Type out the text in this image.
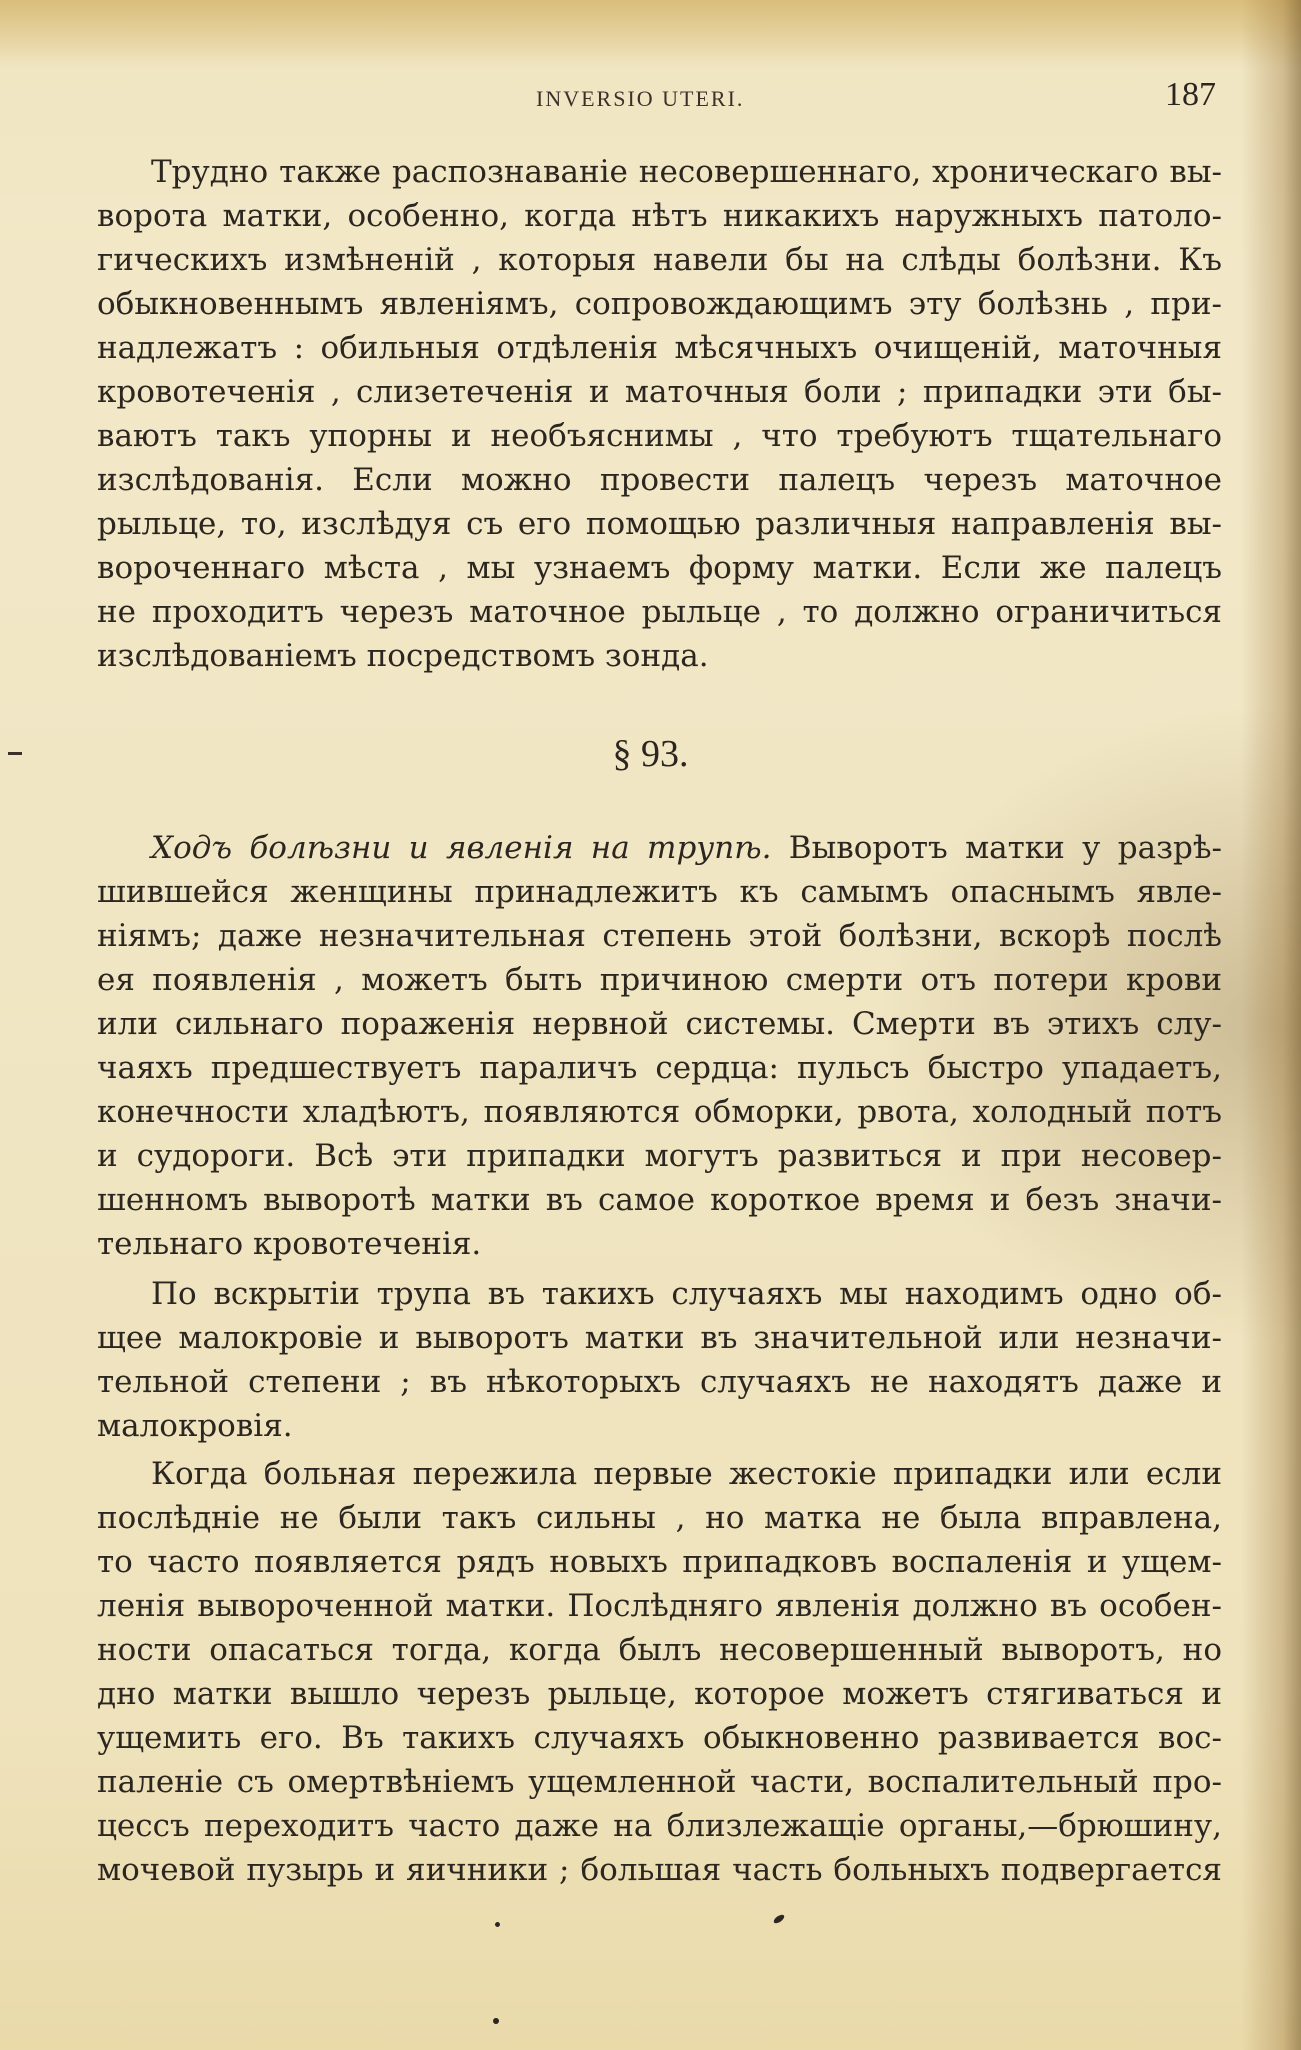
INVERSIO UTERI.	187
Трудно также распознаваніе несовершеннаго, хроническаго вы-
ворота матки, особенно, когда нѣтъ никакихъ наружныхъ патоло-
гическихъ измѣненій , которыя навели бы на слѣды болѣзни. Къ
обыкновеннымъ явленіямъ, сопровождающимъ эту болѣзнь , при-
надлежатъ : обильныя отдѣленія мѣсячныхъ очищеній, маточныя
кровотеченія , слизетеченія и маточныя боли ; припадки эти бы-
ваютъ такъ упорны и необъяснимы , что требуютъ тщательнаго
изслѣдованія. Если можно провести палецъ черезъ маточное
рыльце, то, изслѣдуя съ его помощью различныя направленія вы-
вороченнаго мѣста , мы узнаемъ форму матки. Если же палецъ
не проходитъ черезъ маточное рыльце , то должно ограничиться
изслѣдованіемъ посредствомъ зонда.
§ 93.
Ходъ болѣзни и явленія на трупѣ. Выворотъ матки у разрѣ-
шившейся женщины принадлежитъ къ самымъ опаснымъ явле-
ніямъ; даже незначительная степень этой болѣзни, вскорѣ послѣ
ея появленія , можетъ быть причиною смерти отъ потери крови
или сильнаго пораженія нервной системы. Смерти въ этихъ слу-
чаяхъ предшествуетъ параличъ сердца: пульсъ быстро упадаетъ,
конечности хладѣютъ, появляются обморки, рвота, холодный потъ
и судороги. Всѣ эти припадки могутъ развиться и при несовер-
шенномъ выворотѣ матки въ самое короткое время и безъ значи-
тельнаго кровотеченія.
По вскрытіи трупа въ такихъ случаяхъ мы находимъ одно об-
щее малокровіе и выворотъ матки въ значительной или незначи-
тельной степени ; въ нѣкоторыхъ случаяхъ не находятъ даже и
малокровія.
Когда больная пережила первые жестокіе припадки или если
послѣдніе не были такъ сильны , но матка не была вправлена,
то часто появляется рядъ новыхъ припадковъ воспаленія и ущем-
ленія вывороченной матки. Послѣдняго явленія должно въ особен-
ности опасаться тогда, когда былъ несовершенный выворотъ, но
дно матки вышло черезъ рыльце, которое можетъ стягиваться и
ущемить его. Въ такихъ случаяхъ обыкновенно развивается вос-
паленіе съ омертвѣніемъ ущемленной части, воспалительный про-
цессъ переходитъ часто даже на близлежащіе органы,—брюшину,
мочевой пузырь и яичники ; большая часть больныхъ подвергается
